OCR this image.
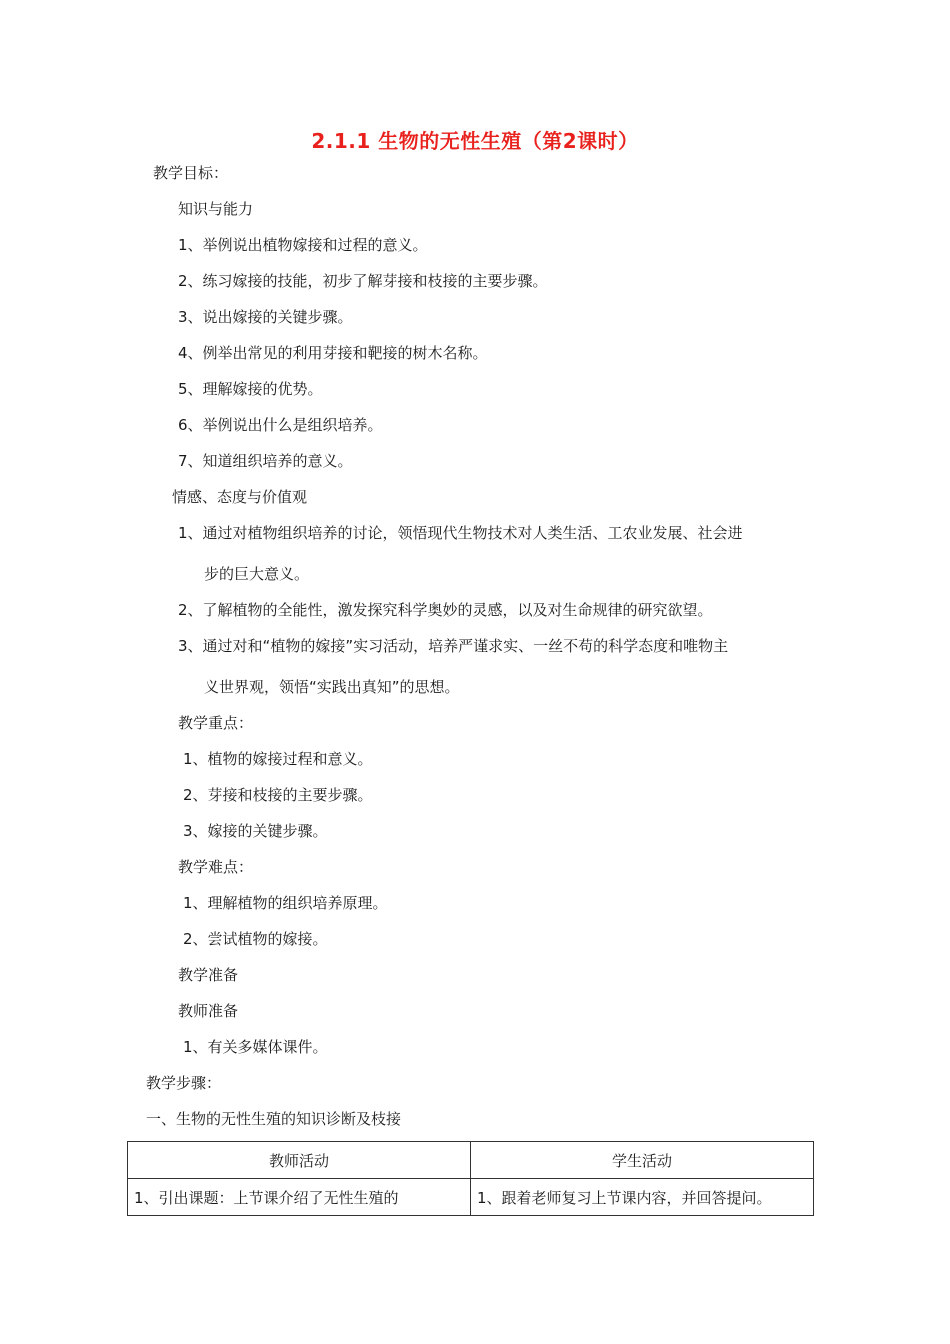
2.1.1 生物的无性生殖（第2课时）
教学目标：
知识与能力
1、举例说出植物嫁接和过程的意义。
2、练习嫁接的技能，初步了解芽接和枝接的主要步骤。
3、说出嫁接的关键步骤。
4、例举出常见的利用芽接和靶接的树木名称。
5、理解嫁接的优势。
6、举例说出什么是组织培养。
7、知道组织培养的意义。
情感、态度与价值观
1、通过对植物组织培养的讨论，领悟现代生物技术对人类生活、工农业发展、社会进
步的巨大意义。
2、了解植物的全能性，激发探究科学奥妙的灵感，以及对生命规律的研究欲望。
3、通过对和“植物的嫁接”实习活动，培养严谨求实、一丝不苟的科学态度和唯物主
义世界观，领悟“实践出真知”的思想。
教学重点：
1、植物的嫁接过程和意义。
2、芽接和枝接的主要步骤。
3、嫁接的关键步骤。
教学难点：
1、理解植物的组织培养原理。
2、尝试植物的嫁接。
教学准备
教师准备
1、有关多媒体课件。
教学步骤：
一、生物的无性生殖的知识诊断及枝接
教师活动	学生活动
1、引出课题：上节课介绍了无性生殖的	1、跟着老师复习上节课内容，并回答提问。
